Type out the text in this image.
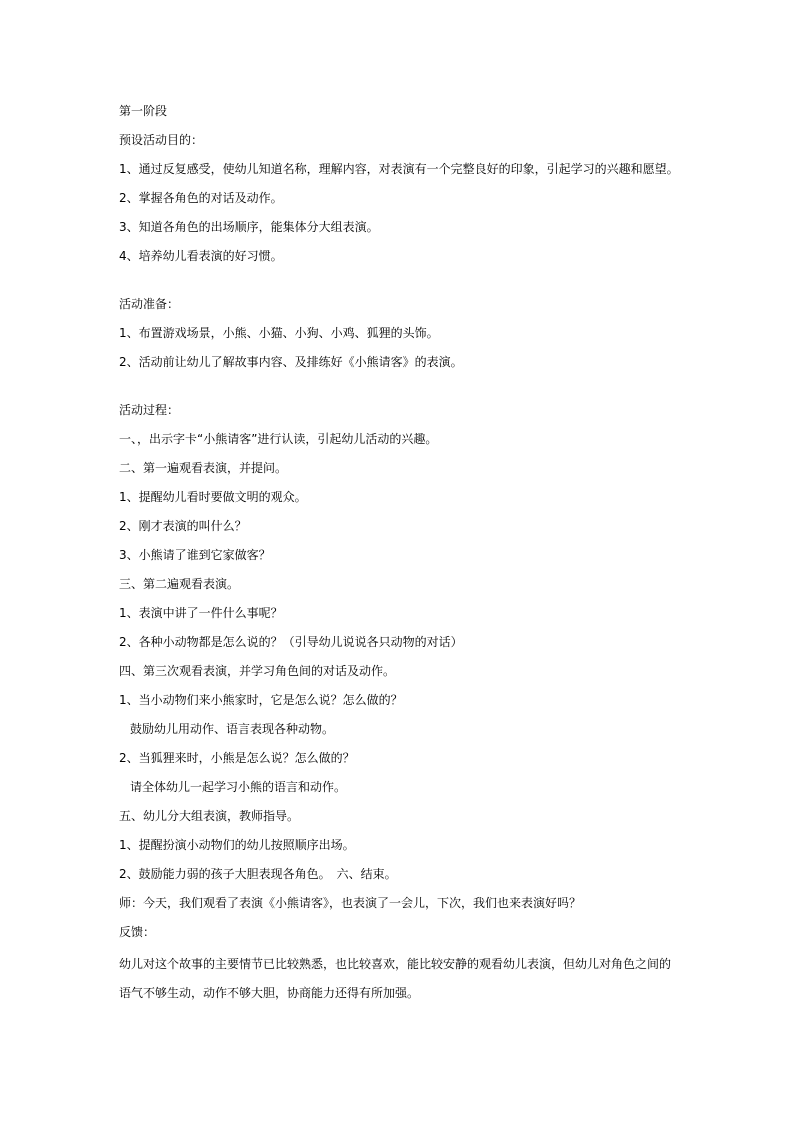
第一阶段
预设活动目的：
1、通过反复感受，使幼儿知道名称，理解内容，对表演有一个完整良好的印象，引起学习的兴趣和愿望。
2、掌握各角色的对话及动作。
3、知道各角色的出场顺序，能集体分大组表演。
4、培养幼儿看表演的好习惯。
活动准备：
1、布置游戏场景，小熊、小猫、小狗、小鸡、狐狸的头饰。
2、活动前让幼儿了解故事内容、及排练好《小熊请客》的表演。
活动过程：
一、，出示字卡“小熊请客”进行认读，引起幼儿活动的兴趣。
二、第一遍观看表演，并提问。
1、提醒幼儿看时要做文明的观众。
2、刚才表演的叫什么？
3、小熊请了谁到它家做客？
三、第二遍观看表演。
1、表演中讲了一件什么事呢？
2、各种小动物都是怎么说的？（引导幼儿说说各只动物的对话）
四、第三次观看表演，并学习角色间的对话及动作。
1、当小动物们来小熊家时，它是怎么说？怎么做的？
鼓励幼儿用动作、语言表现各种动物。
2、当狐狸来时，小熊是怎么说？怎么做的？
请全体幼儿一起学习小熊的语言和动作。
五、幼儿分大组表演，教师指导。
1、提醒扮演小动物们的幼儿按照顺序出场。
2、鼓励能力弱的孩子大胆表现各角色。　六、结束。
师：今天，我们观看了表演《小熊请客》，也表演了一会儿，下次，我们也来表演好吗？
反馈：
幼儿对这个故事的主要情节已比较熟悉，也比较喜欢，能比较安静的观看幼儿表演，但幼儿对角色之间的
语气不够生动，动作不够大胆，协商能力还得有所加强。
